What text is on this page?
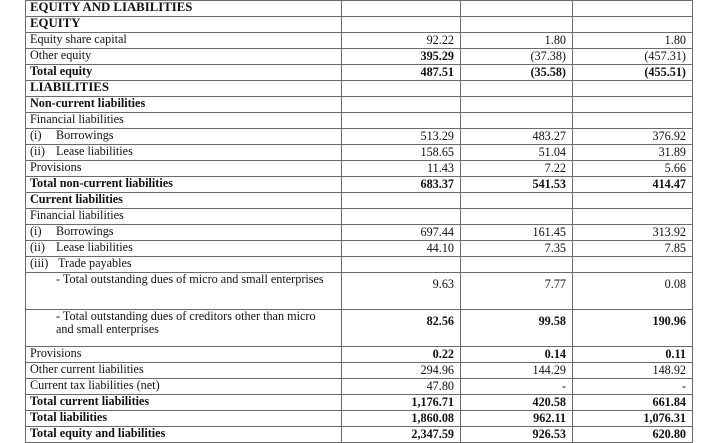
EQUITY AND LIABILITIES			
EQUITY			
Equity share capital	92.22	1.80	1.80
Other equity	395.29	(37.38)	(457.31)
Total equity	487.51	(35.58)	(455.51)
LIABILITIES			
Non-current liabilities			
Financial liabilities			
(i) Borrowings	513.29	483.27	376.92
(ii) Lease liabilities	158.65	51.04	31.89
Provisions	11.43	7.22	5.66
Total non-current liabilities	683.37	541.53	414.47
Current liabilities			
Financial liabilities			
(i) Borrowings	697.44	161.45	313.92
(ii) Lease liabilities	44.10	7.35	7.85
(iii) Trade payables			
- Total outstanding dues of micro and small enterprises	9.63	7.77	0.08
- Total outstanding dues of creditors other than micro and small enterprises	82.56	99.58	190.96
Provisions	0.22	0.14	0.11
Other current liabilities	294.96	144.29	148.92
Current tax liabilities (net)	47.80	-	-
Total current liabilities	1,176.71	420.58	661.84
Total liabilities	1,860.08	962.11	1,076.31
Total equity and liabilities	2,347.59	926.53	620.80
